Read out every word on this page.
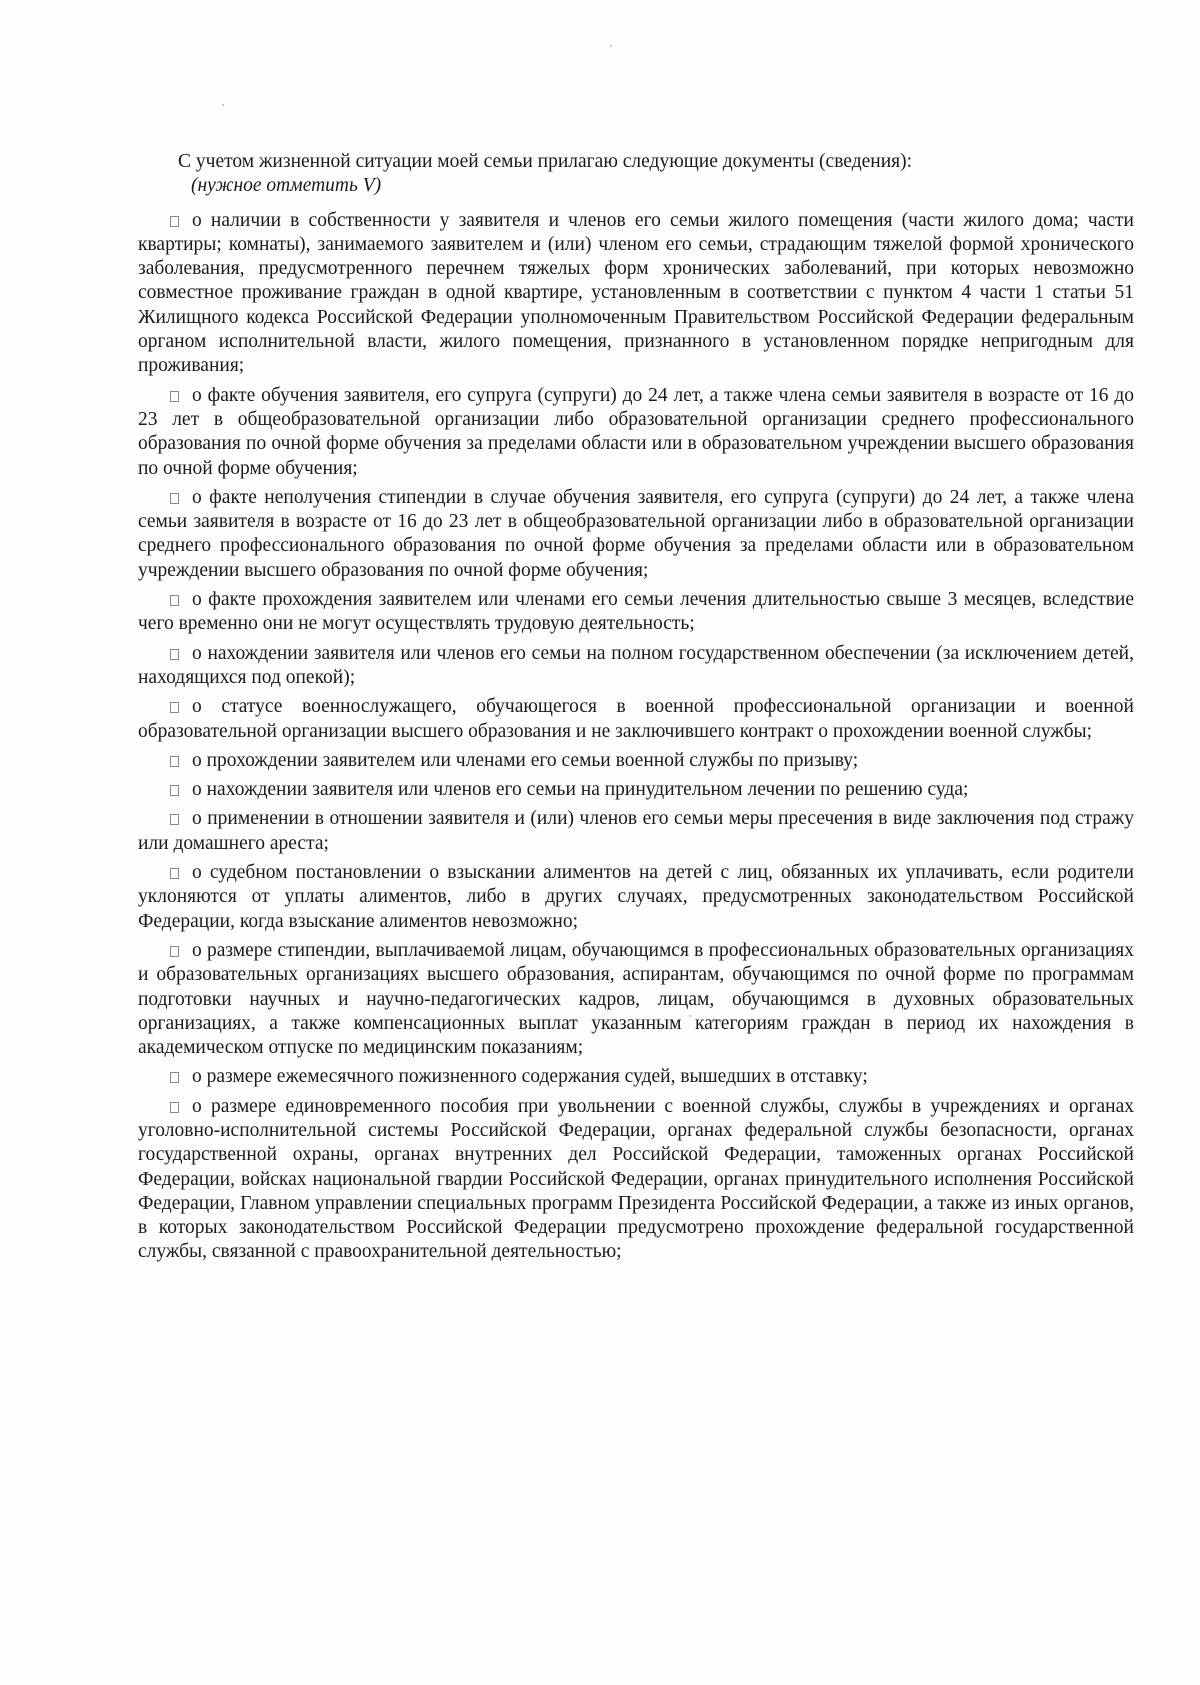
С учетом жизненной ситуации моей семьи прилагаю следующие документы (сведения):

(нужное отметить V)

о наличии в собственности у заявителя и членов его семьи жилого помещения (части жилого дома; части квартиры; комнаты), занимаемого заявителем и (или) членом его семьи, страдающим тяжелой формой хронического заболевания, предусмотренного перечнем тяжелых форм хронических заболеваний, при которых невозможно совместное проживание граждан в одной квартире, установленным в соответствии с пунктом 4 части 1 статьи 51 Жилищного кодекса Российской Федерации уполномоченным Правительством Российской Федерации федеральным органом исполнительной власти, жилого помещения, признанного в установленном порядке непригодным для проживания;

о факте обучения заявителя, его супруга (супруги) до 24 лет, а также члена семьи заявителя в возрасте от 16 до 23 лет в общеобразовательной организации либо образовательной организации среднего профессионального образования по очной форме обучения за пределами области или в образовательном учреждении высшего образования по очной форме обучения;

о факте неполучения стипендии в случае обучения заявителя, его супруга (супруги) до 24 лет, а также члена семьи заявителя в возрасте от 16 до 23 лет в общеобразовательной организации либо в образовательной организации среднего профессионального образования по очной форме обучения за пределами области или в образовательном учреждении высшего образования по очной форме обучения;

о факте прохождения заявителем или членами его семьи лечения длительностью свыше 3 месяцев, вследствие чего временно они не могут осуществлять трудовую деятельность;

о нахождении заявителя или членов его семьи на полном государственном обеспечении (за исключением детей, находящихся под опекой);

о статусе военнослужащего, обучающегося в военной профессиональной организации и военной образовательной организации высшего образования и не заключившего контракт о прохождении военной службы;

о прохождении заявителем или членами его семьи военной службы по призыву;

о нахождении заявителя или членов его семьи на принудительном лечении по решению суда;

о применении в отношении заявителя и (или) членов его семьи меры пресечения в виде заключения под стражу или домашнего ареста;

о судебном постановлении о взыскании алиментов на детей с лиц, обязанных их уплачивать, если родители уклоняются от уплаты алиментов, либо в других случаях, предусмотренных законодательством Российской Федерации, когда взыскание алиментов невозможно;

о размере стипендии, выплачиваемой лицам, обучающимся в профессиональных образовательных организациях и образовательных организациях высшего образования, аспирантам, обучающимся по очной форме по программам подготовки научных и научно-педагогических кадров, лицам, обучающимся в духовных образовательных организациях, а также компенсационных выплат указанным категориям граждан в период их нахождения в академическом отпуске по медицинским показаниям;

о размере ежемесячного пожизненного содержания судей, вышедших в отставку;

о размере единовременного пособия при увольнении с военной службы, службы в учреждениях и органах уголовно-исполнительной системы Российской Федерации, органах федеральной службы безопасности, органах государственной охраны, органах внутренних дел Российской Федерации, таможенных органах Российской Федерации, войсках национальной гвардии Российской Федерации, органах принудительного исполнения Российской Федерации, Главном управлении специальных программ Президента Российской Федерации, а также из иных органов, в которых законодательством Российской Федерации предусмотрено прохождение федеральной государственной службы, связанной с правоохранительной деятельностью;
